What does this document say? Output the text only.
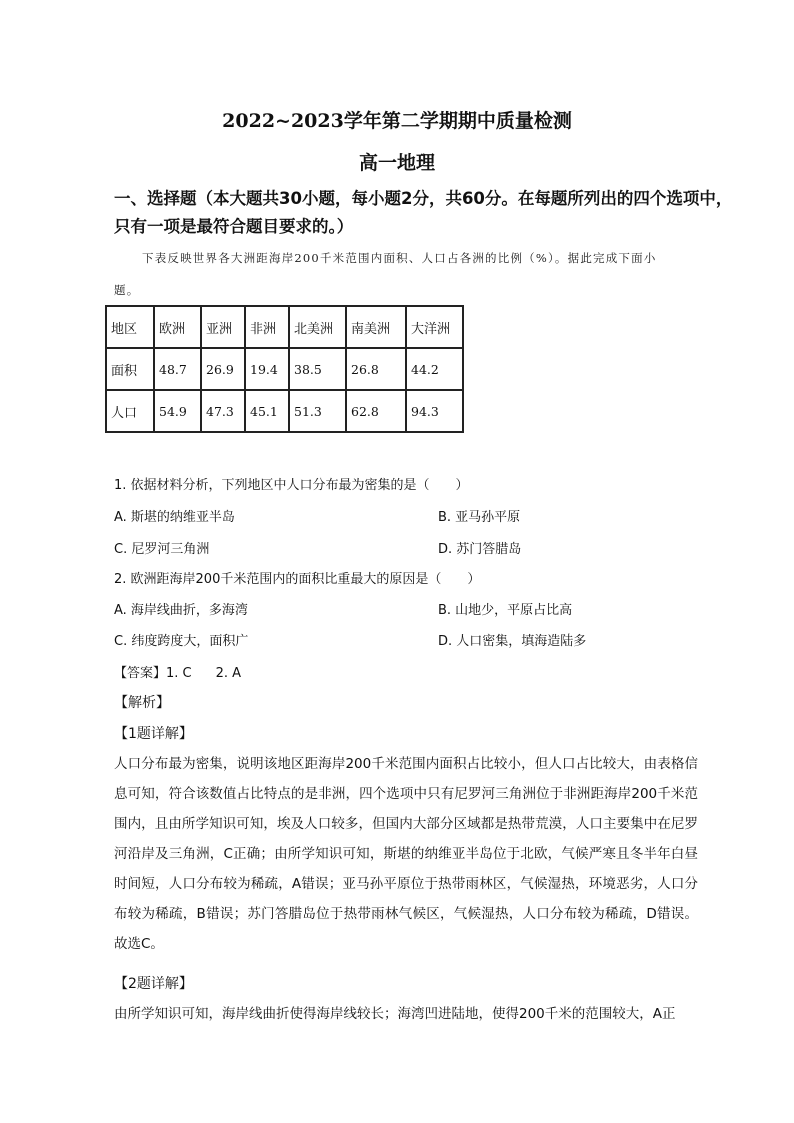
2022~2023学年第二学期期中质量检测
高一地理
一、选择题（本大题共30小题，每小题2分，共60分。在每题所列出的四个选项中，
只有一项是最符合题目要求的。）
下表反映世界各大洲距海岸200千米范围内面积、人口占各洲的比例（%）。据此完成下面小
题。
地区	欧洲	亚洲	非洲	北美洲	南美洲	大洋洲
面积	48.7	26.9	19.4	38.5	26.8	44.2
人口	54.9	47.3	45.1	51.3	62.8	94.3
1. 依据材料分析，下列地区中人口分布最为密集的是（　　）
A. 斯堪的纳维亚半岛	B. 亚马孙平原
C. 尼罗河三角洲	D. 苏门答腊岛
2. 欧洲距海岸200千米范围内的面积比重最大的原因是（　　）
A. 海岸线曲折，多海湾	B. 山地少，平原占比高
C. 纬度跨度大，面积广	D. 人口密集，填海造陆多
【答案】1. C 2. A
【解析】
【1题详解】
人口分布最为密集，说明该地区距海岸200千米范围内面积占比较小，但人口占比较大，由表格信息可知，符合该数值占比特点的是非洲，四个选项中只有尼罗河三角洲位于非洲距海岸200千米范围内，且由所学知识可知，埃及人口较多，但国内大部分区域都是热带荒漠，人口主要集中在尼罗河沿岸及三角洲，C正确；由所学知识可知，斯堪的纳维亚半岛位于北欧，气候严寒且冬半年白昼时间短，人口分布较为稀疏，A错误；亚马孙平原位于热带雨林区，气候湿热，环境恶劣，人口分布较为稀疏，B错误；苏门答腊岛位于热带雨林气候区，气候湿热，人口分布较为稀疏，D错误。故选C。
【2题详解】
由所学知识可知，海岸线曲折使得海岸线较长；海湾凹进陆地，使得200千米的范围较大，A正
